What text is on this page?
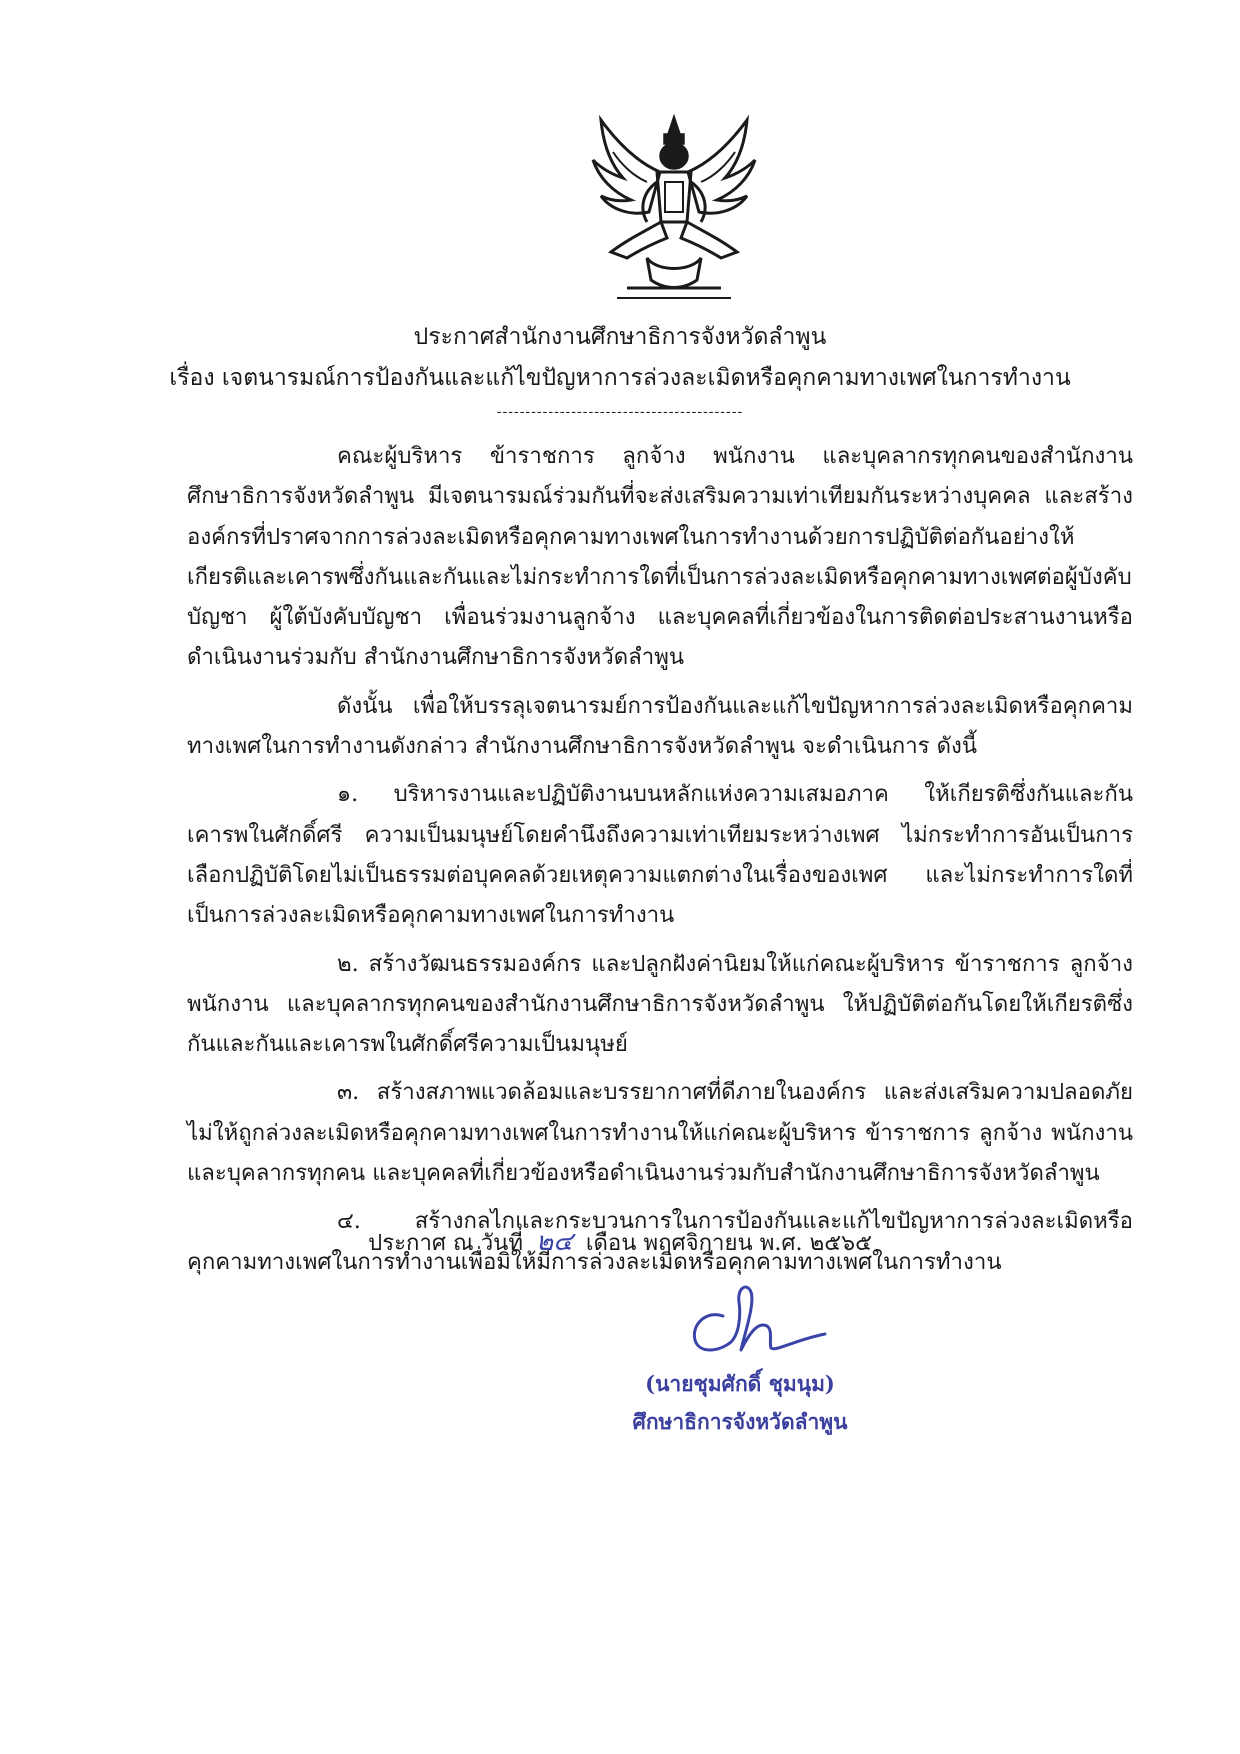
ประกาศสำนักงานศึกษาธิการจังหวัดลำพูน
เรื่อง เจตนารมณ์การป้องกันและแก้ไขปัญหาการล่วงละเมิดหรือคุกคามทางเพศในการทำงาน
-------------------------------------------

คณะผู้บริหาร ข้าราชการ ลูกจ้าง พนักงาน และบุคลากรทุกคนของสำนักงานศึกษาธิการจังหวัดลำพูน มีเจตนารมณ์ร่วมกันที่จะส่งเสริมความเท่าเทียมกันระหว่างบุคคล และสร้างองค์กรที่ปราศจากการล่วงละเมิดหรือคุกคามทางเพศในการทำงานด้วยการปฏิบัติต่อกันอย่างให้เกียรติและเคารพซึ่งกันและกันและไม่กระทำการใดที่เป็นการล่วงละเมิดหรือคุกคามทางเพศต่อผู้บังคับบัญชา ผู้ใต้บังคับบัญชา เพื่อนร่วมงานลูกจ้าง และบุคคลที่เกี่ยวข้องในการติดต่อประสานงานหรือดำเนินงานร่วมกับ สำนักงานศึกษาธิการจังหวัดลำพูน

ดังนั้น เพื่อให้บรรลุเจตนารมย์การป้องกันและแก้ไขปัญหาการล่วงละเมิดหรือคุกคามทางเพศในการทำงานดังกล่าว สำนักงานศึกษาธิการจังหวัดลำพูน จะดำเนินการ ดังนี้

๑. บริหารงานและปฏิบัติงานบนหลักแห่งความเสมอภาค ให้เกียรติซึ่งกันและกัน เคารพในศักดิ์ศรี ความเป็นมนุษย์โดยคำนึงถึงความเท่าเทียมระหว่างเพศ ไม่กระทำการอันเป็นการเลือกปฏิบัติโดยไม่เป็นธรรมต่อบุคคลด้วยเหตุความแตกต่างในเรื่องของเพศ และไม่กระทำการใดที่เป็นการล่วงละเมิดหรือคุกคามทางเพศในการทำงาน

๒. สร้างวัฒนธรรมองค์กร และปลูกฝังค่านิยมให้แก่คณะผู้บริหาร ข้าราชการ ลูกจ้างพนักงาน และบุคลากรทุกคนของสำนักงานศึกษาธิการจังหวัดลำพูน ให้ปฏิบัติต่อกันโดยให้เกียรติซึ่งกันและกันและเคารพในศักดิ์ศรีความเป็นมนุษย์

๓. สร้างสภาพแวดล้อมและบรรยากาศที่ดีภายในองค์กร และส่งเสริมความปลอดภัยไม่ให้ถูกล่วงละเมิดหรือคุกคามทางเพศในการทำงานให้แก่คณะผู้บริหาร ข้าราชการ ลูกจ้าง พนักงาน และบุคลากรทุกคน และบุคคลที่เกี่ยวข้องหรือดำเนินงานร่วมกับสำนักงานศึกษาธิการจังหวัดลำพูน

๔. สร้างกลไกและกระบวนการในการป้องกันและแก้ไขปัญหาการล่วงละเมิดหรือคุกคามทางเพศในการทำงานเพื่อมิให้มีการล่วงละเมิดหรือคุกคามทางเพศในการทำงาน

ประกาศ ณ วันที่ ๒๔ เดือน พฤศจิกายน พ.ศ. ๒๕๖๕
(นายชุมศักดิ์ ชุมนุม)
ศึกษาธิการจังหวัดลำพูน
